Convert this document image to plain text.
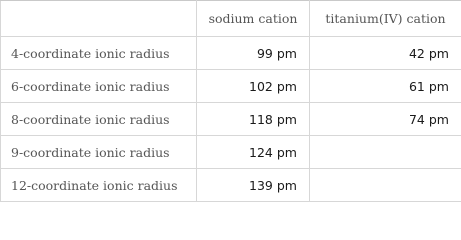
	sodium cation	titanium(IV) cation
4-coordinate ionic radius	99 pm	42 pm
6-coordinate ionic radius	102 pm	61 pm
8-coordinate ionic radius	118 pm	74 pm
9-coordinate ionic radius	124 pm	
12-coordinate ionic radius	139 pm	
